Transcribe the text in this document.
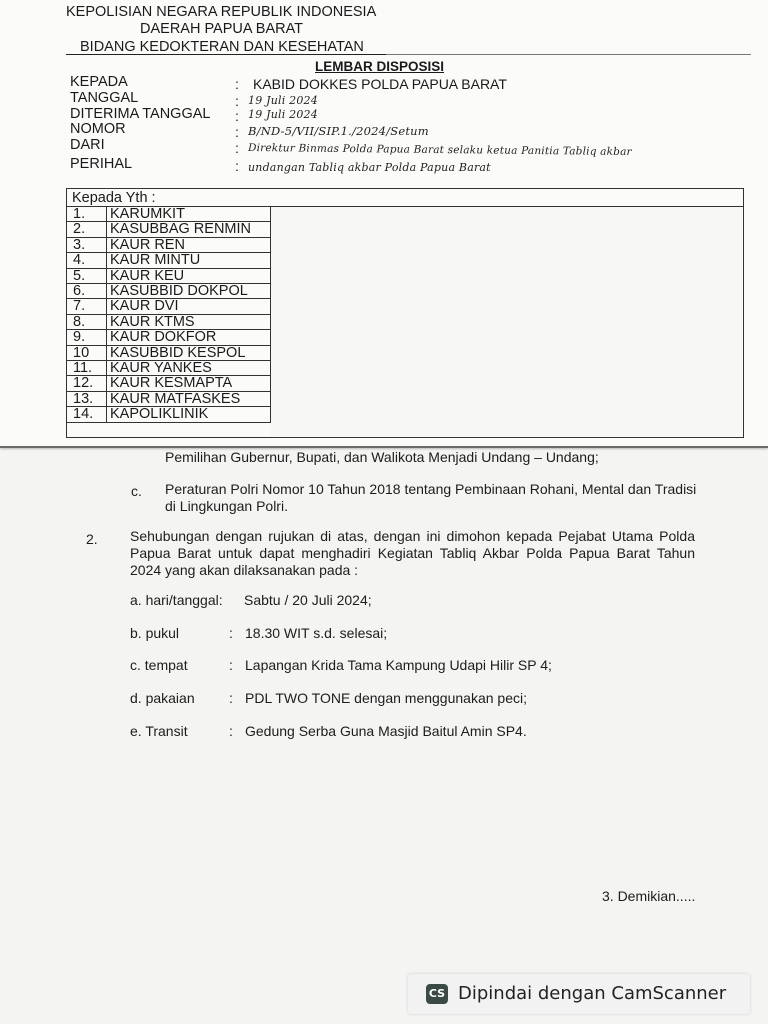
Pemilihan Gubernur, Bupati, dan Walikota Menjadi Undang – Undang;
c. Peraturan Polri Nomor 10 Tahun 2018 tentang Pembinaan Rohani, Mental dan Tradisi di Lingkungan Polri.
2. Sehubungan dengan rujukan di atas, dengan ini dimohon kepada Pejabat Utama Polda Papua Barat untuk dapat menghadiri Kegiatan Tabliq Akbar Polda Papua Barat Tahun 2024 yang akan dilaksanakan pada :
a. hari/tanggal: Sabtu / 20 Juli 2024;
b. pukul	: 18.30 WIT s.d. selesai;
c. tempat	: Lapangan Krida Tama Kampung Udapi Hilir SP 4;
d. pakaian : PDL TWO TONE dengan menggunakan peci;
e. Transit	: Gedung Serba Guna Masjid Baitul Amin SP4.
3. Demikian.....
KEPOLISIAN NEGARA REPUBLIK INDONESIA
DAERAH PAPUA BARAT
BIDANG KEDOKTERAN DAN KESEHATAN
LEMBAR DISPOSISI
KEPADA	: KABID DOKKES POLDA PAPUA BARAT
TANGGAL	: 19 Juli 2024
DITERIMA TANGGAL : 19 Juli 2024
NOMOR	: B/ND-5/VII/SIP.1./2024/Setum
DARI	: Direktur Binmas Polda Papua Barat selaku ketua Panitia Tabliq akbar
PERIHAL	: undangan Tabliq akbar Polda Papua Barat
Kepada Yth :
1.	KARUMKIT
2.	KASUBBAG RENMIN
3.	KAUR REN
4.	KAUR MINTU
5.	KAUR KEU
6.	KASUBBID DOKPOL
7.	KAUR DVI
8.	KAUR KTMS
9.	KAUR DOKFOR
10	KASUBBID KESPOL
11.	KAUR YANKES
12.	KAUR KESMAPTA
13.	KAUR MATFASKES
14.	KAPOLIKLINIK
CS Dipindai dengan CamScanner
